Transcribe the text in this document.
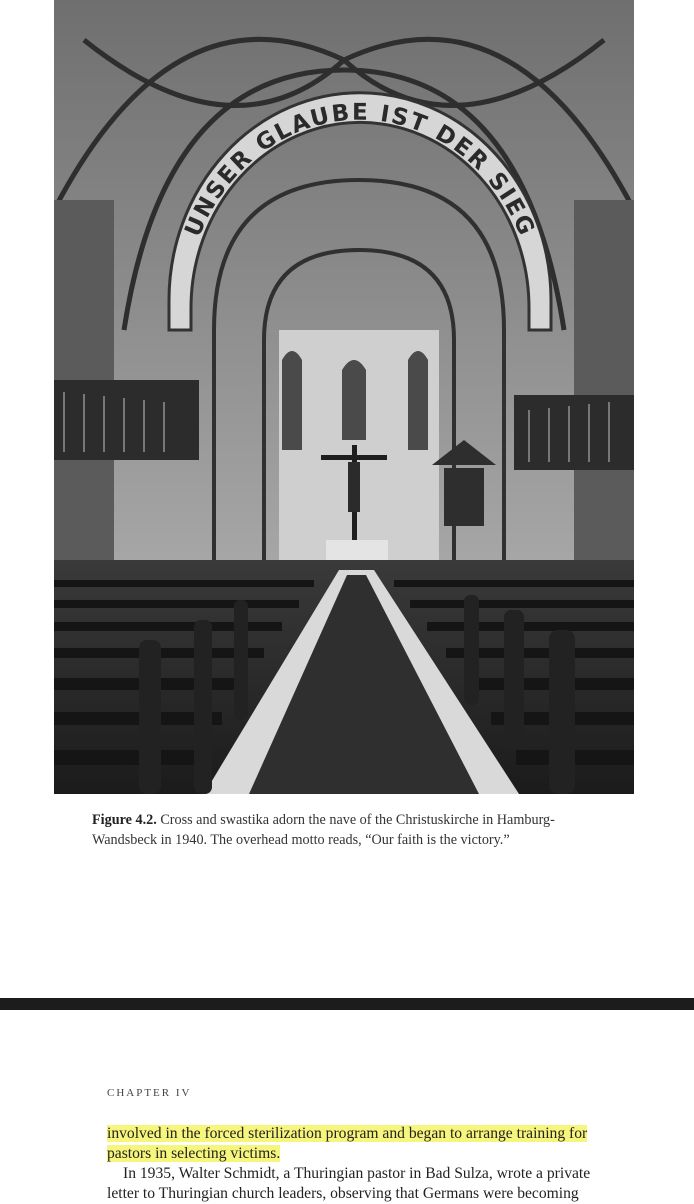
UNSER GLAUBE IST DER SIEG
Figure 4.2. Cross and swastika adorn the nave of the Christuskirche in Hamburg-Wandsbeck in 1940. The overhead motto reads, “Our faith is the victory.”
CHAPTER IV

involved in the forced sterilization program and began to arrange training for pastors in selecting victims.

In 1935, Walter Schmidt, a Thuringian pastor in Bad Sulza, wrote a private letter to Thuringian church leaders, observing that Germans were becoming
